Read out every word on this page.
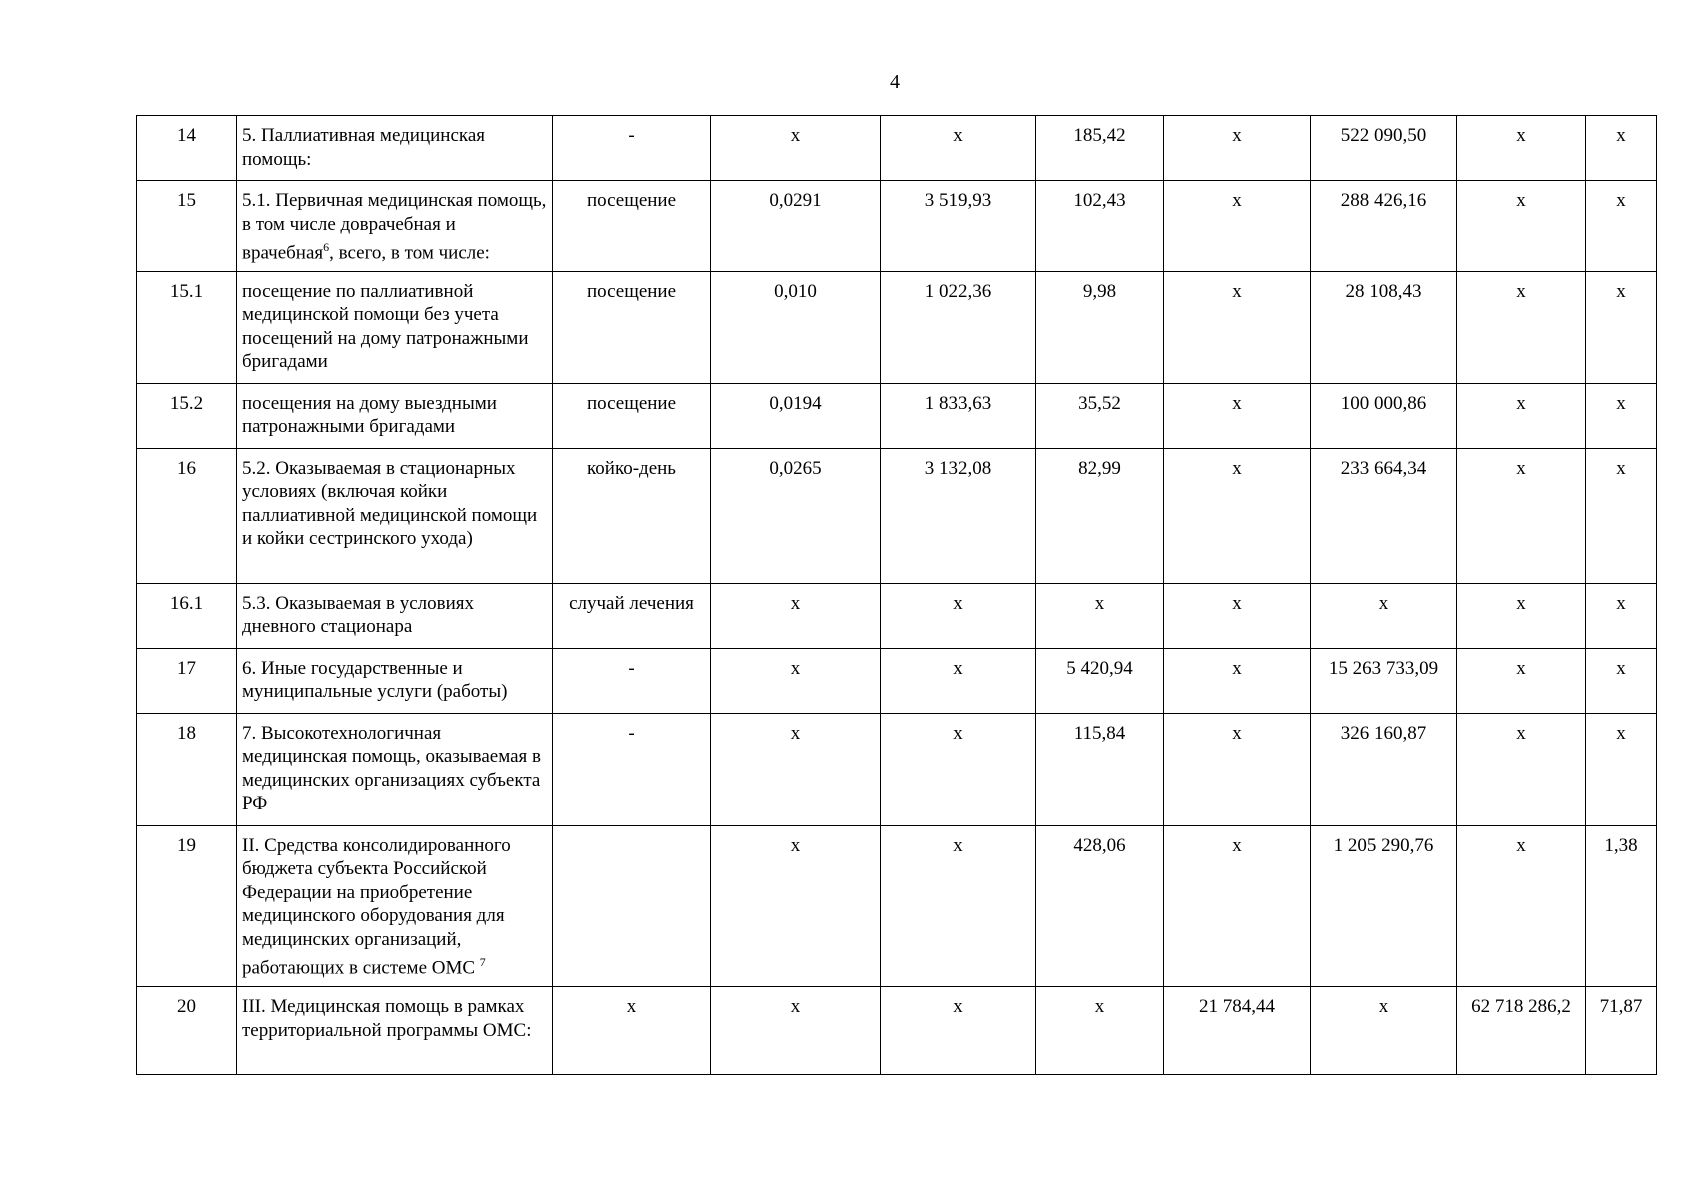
4
14	5. Паллиативная медицинская помощь:	-	х	х	185,42	х	522 090,50	х	х
15	5.1. Первичная медицинская помощь, в том числе доврачебная и врачебная$^6$, всего, в том числе:	посещение	0,0291	3 519,93	102,43	х	288 426,16	х	х
15.1	посещение по паллиативной медицинской помощи без учета посещений на дому патронажными бригадами	посещение	0,010	1 022,36	9,98	х	28 108,43	х	х
15.2	посещения на дому выездными патронажными бригадами	посещение	0,0194	1 833,63	35,52	х	100 000,86	х	х
16	5.2. Оказываемая в стационарных условиях (включая койки паллиативной медицинской помощи и койки сестринского ухода)	койко-день	0,0265	3 132,08	82,99	х	233 664,34	х	х
16.1	5.3. Оказываемая в условиях дневного стационара	случай лечения	х	х	х	х	х	х	х
17	6. Иные государственные и муниципальные услуги (работы)	-	х	х	5 420,94	х	15 263 733,09	х	х
18	7. Высокотехнологичная медицинская помощь, оказываемая в медицинских организациях субъекта РФ	-	х	х	115,84	х	326 160,87	х	х
19	II. Средства консолидированного бюджета субъекта Российской Федерации на приобретение медицинского оборудования для медицинских организаций, работающих в системе ОМС $^7$		х	х	428,06	х	1 205 290,76	х	1,38
20	III. Медицинская помощь в рамках территориальной программы ОМС:	х	х	х	х	21 784,44	х	62 718 286,2	71,87
